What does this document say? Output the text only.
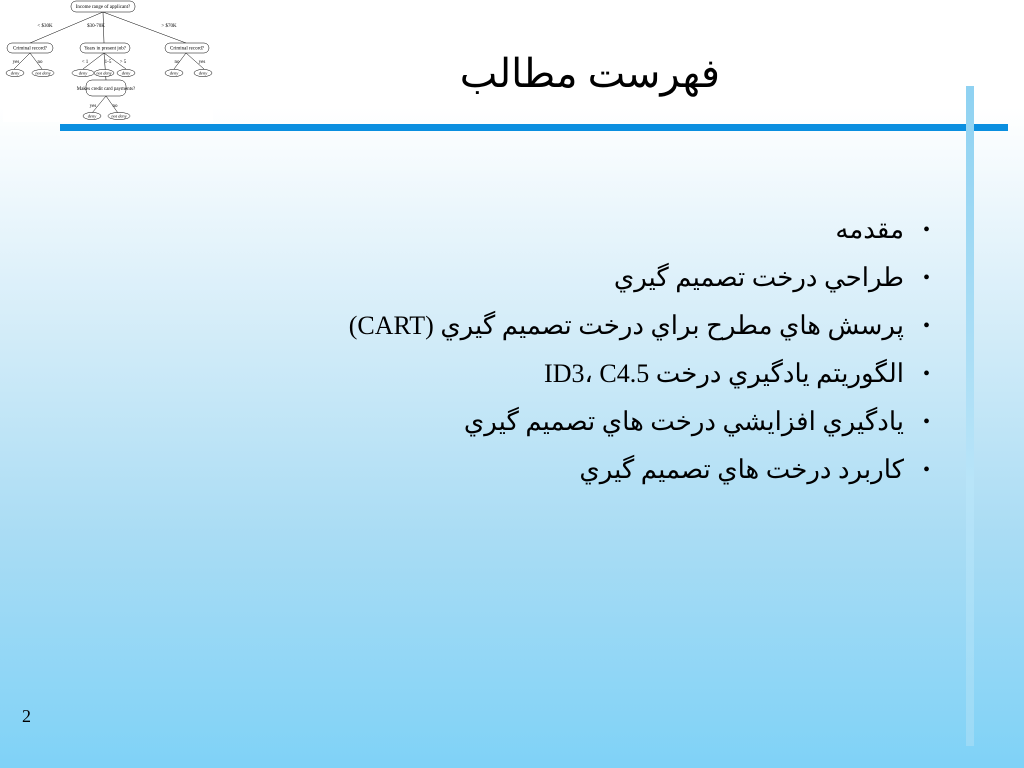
Income range of applicant?
< $30K	$30-70K	> $70K
Criminal record?	Years in present job?	Criminal record?
yes	no	< 1	1-5 > 5	no	yes
deny	not deny	deny not deny deny	deny	deny
Makes credit card payments?
yes	no
deny	not deny
فهرست مطالب
•
مقدمه
•
طراحي درخت تصميم گيري
•
پرسش هاي مطرح براي درخت تصميم گيري (CART)
•
الگوريتم يادگيري درخت ID3، C4.5
•
يادگيري افزايشي درخت هاي تصميم گيري
•
کاربرد درخت هاي تصميم گيري
2
